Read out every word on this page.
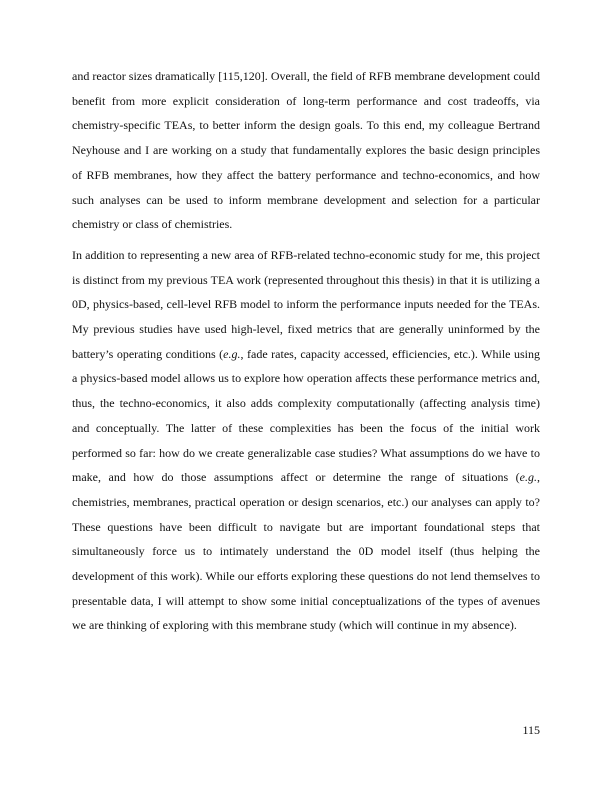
and reactor sizes dramatically [115,120]. Overall, the field of RFB membrane development could benefit from more explicit consideration of long-term performance and cost tradeoffs, via chemistry-specific TEAs, to better inform the design goals. To this end, my colleague Bertrand Neyhouse and I are working on a study that fundamentally explores the basic design principles of RFB membranes, how they affect the battery performance and techno-economics, and how such analyses can be used to inform membrane development and selection for a particular chemistry or class of chemistries.

In addition to representing a new area of RFB-related techno-economic study for me, this project is distinct from my previous TEA work (represented throughout this thesis) in that it is utilizing a 0D, physics-based, cell-level RFB model to inform the performance inputs needed for the TEAs. My previous studies have used high-level, fixed metrics that are generally uninformed by the battery’s operating conditions (e.g., fade rates, capacity accessed, efficiencies, etc.). While using a physics-based model allows us to explore how operation affects these performance metrics and, thus, the techno-economics, it also adds complexity computationally (affecting analysis time) and conceptually. The latter of these complexities has been the focus of the initial work performed so far: how do we create generalizable case studies? What assumptions do we have to make, and how do those assumptions affect or determine the range of situations (e.g., chemistries, membranes, practical operation or design scenarios, etc.) our analyses can apply to? These questions have been difficult to navigate but are important foundational steps that simultaneously force us to intimately understand the 0D model itself (thus helping the development of this work). While our efforts exploring these questions do not lend themselves to presentable data, I will attempt to show some initial conceptualizations of the types of avenues we are thinking of exploring with this membrane study (which will continue in my absence).

115
